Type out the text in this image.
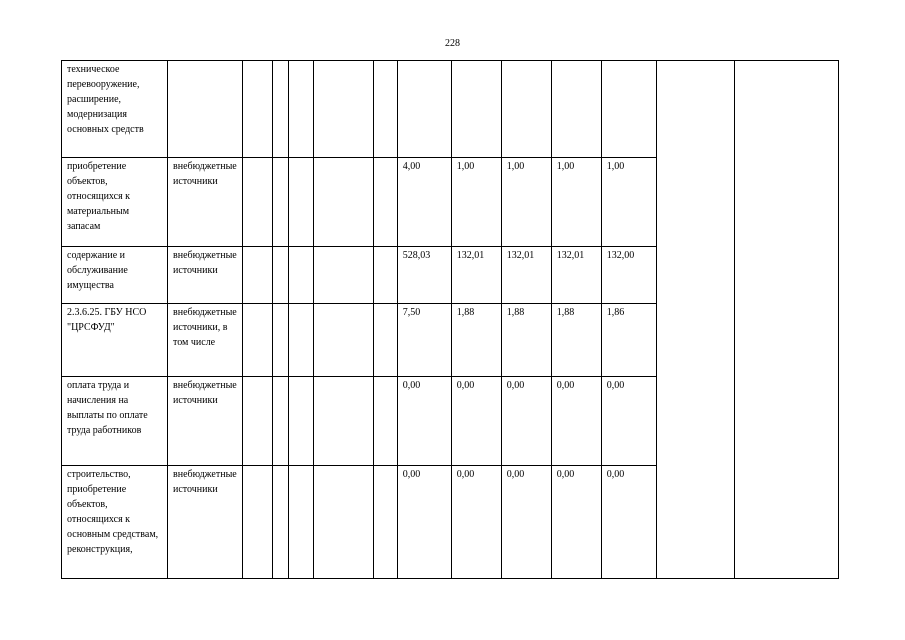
228
техническое перевооружение, расширение, модернизация основных средств													
приобретение объектов, относящихся к материальным запасам	внебюджетные источники						4,00	1,00	1,00	1,00	1,00		
содержание и обслуживание имущества	внебюджетные источники						528,03	132,01	132,01	132,01	132,00		
2.3.6.25. ГБУ НСО "ЦРСФУД"	внебюджетные источники, в том числе						7,50	1,88	1,88	1,88	1,86		
оплата труда и начисления на выплаты по оплате труда работников	внебюджетные источники						0,00	0,00	0,00	0,00	0,00		
строительство, приобретение объектов, относящихся к основным средствам, реконструкция,	внебюджетные источники						0,00	0,00	0,00	0,00	0,00		
